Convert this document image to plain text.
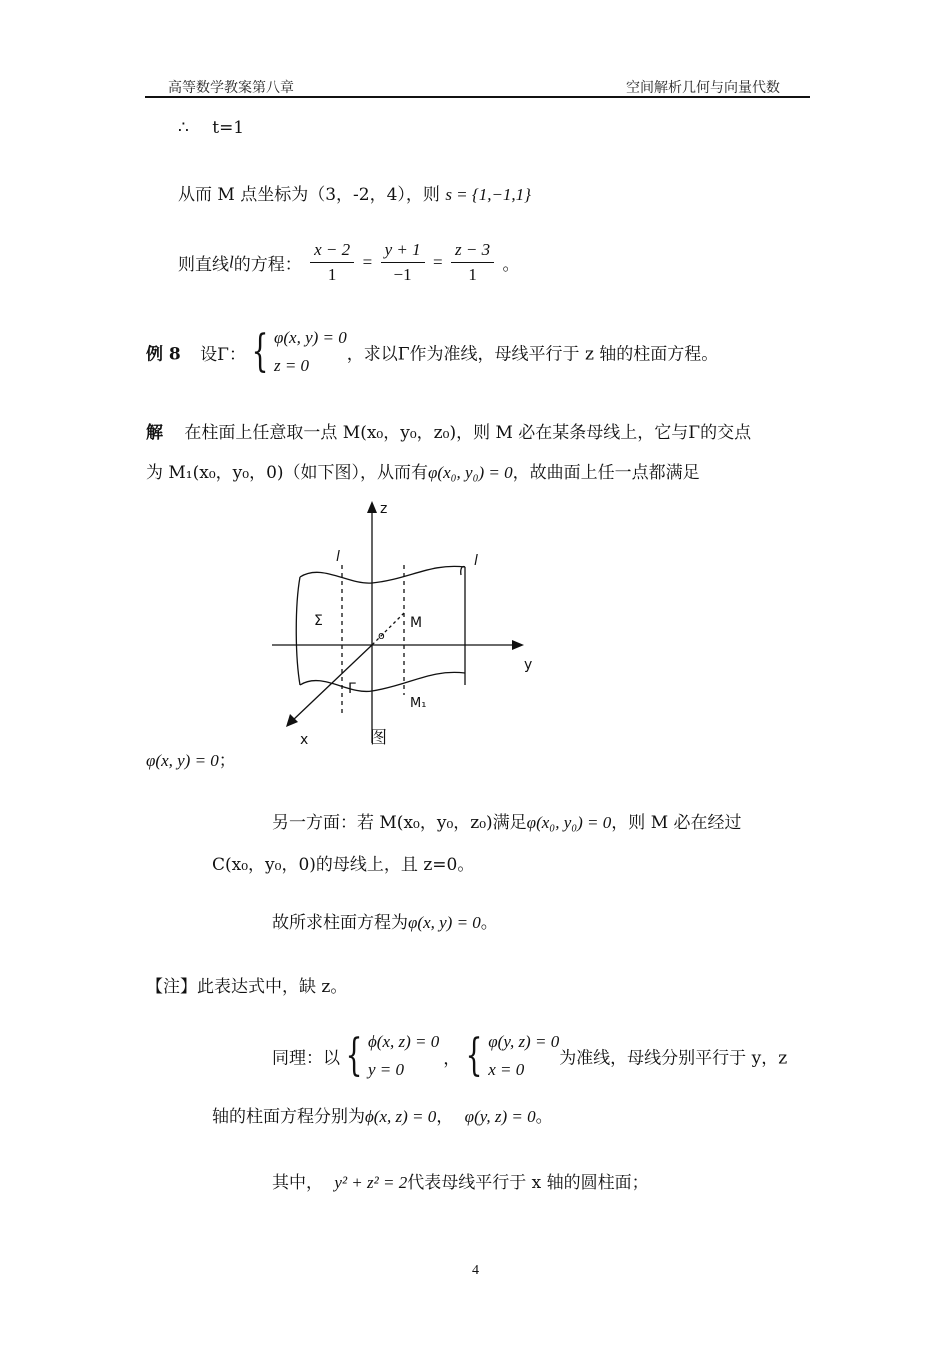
高等数学教案第八章	空间解析几何与向量代数
∴ t=1
从而 M 点坐标为（3，-2，4），则 s = {1,−1,1}
则直线l的方程： $\frac{x - 2}{1} = \frac{y + 1}{-1} = \frac{z - 3}{1}$ 。
例 8 设Γ： { φ(x, y) = 0
z = 0
，求以Γ作为准线，母线平行于 z 轴的柱面方程。
解 在柱面上任意取一点 M(x₀，y₀，z₀)，则 M 必在某条母线上，它与Γ的交点
为 M₁(x₀，y₀，0)（如下图），从而有φ(x₀, y₀) = 0，故曲面上任一点都满足
z
y
x
l	l
Σ
o
M
Γ
M₁
图
φ(x, y) = 0；
另一方面：若 M(x₀，y₀，z₀)满足φ(x₀, y₀) = 0，则 M 必在经过
C(x₀，y₀，0)的母线上，且 z=0。
故所求柱面方程为φ(x, y) = 0。
【注】此表达式中，缺 z。
同理：以 { ϕ(x, z) = 0
y = 0
， { φ(y, z) = 0
x = 0
为准线，母线分别平行于 y，z
轴的柱面方程分别为ϕ(x, z) = 0， φ(y, z) = 0。
其中， y² + z² = 2代表母线平行于 x 轴的圆柱面；
4
